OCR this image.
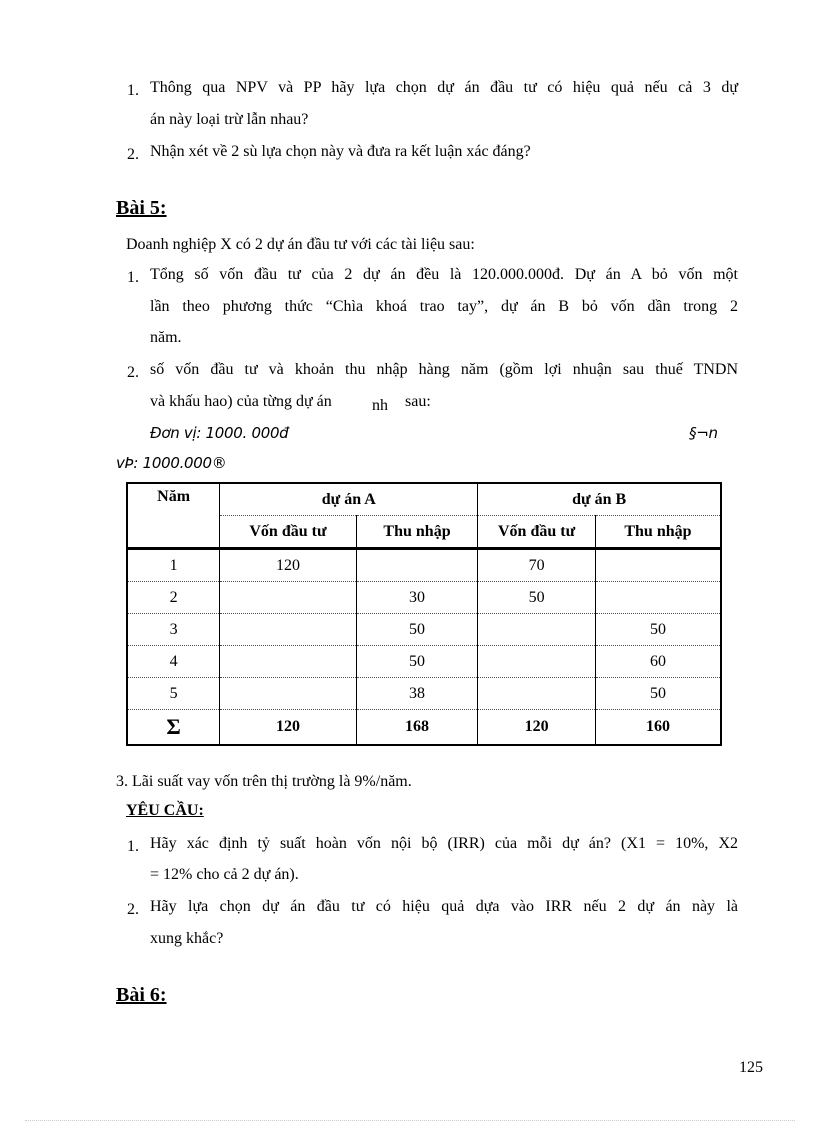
1. Thông qua NPV và PP hãy lựa chọn dự án đầu tư có hiệu quả nếu cả 3 dự
án này loại trừ lẫn nhau?
2. Nhận xét về 2 sù lựa chọn này và đưa ra kết luận xác đáng?
Bài 5:
Doanh nghiệp X có 2 dự án đầu tư với các tài liệu sau:
1. Tổng số vốn đầu tư của 2 dự án đều là 120.000.000đ. Dự án A bỏ vốn một
lần theo phương thức “Chìa khoá trao tay”, dự án B bỏ vốn dần trong 2
năm.
2. số vốn đầu tư và khoản thu nhập hàng năm (gồm lợi nhuận sau thuế TNDN
và khấu hao) của từng dự án	nh sau:
Đơn vị: 1000. 000đ	§¬n
vÞ: 1000.000®
Năm	dự án A		dự án B	
	Vốn đầu tư	Thu nhập	Vốn đầu tư	Thu nhập
1	120		70	
2		30	50	
3		50		50
4		50		60
5		38		50
Σ	120	168	120	160
3. Lãi suất vay vốn trên thị trường là 9%/năm.
YÊU CẦU:
1. Hãy xác định tỷ suất hoàn vốn nội bộ (IRR) của mỗi dự án? (X1 = 10%, X2
= 12% cho cả 2 dự án).
2. Hãy lựa chọn dự án đầu tư có hiệu quả dựa vào IRR nếu 2 dự án này là
xung khắc?
Bài 6:
125
